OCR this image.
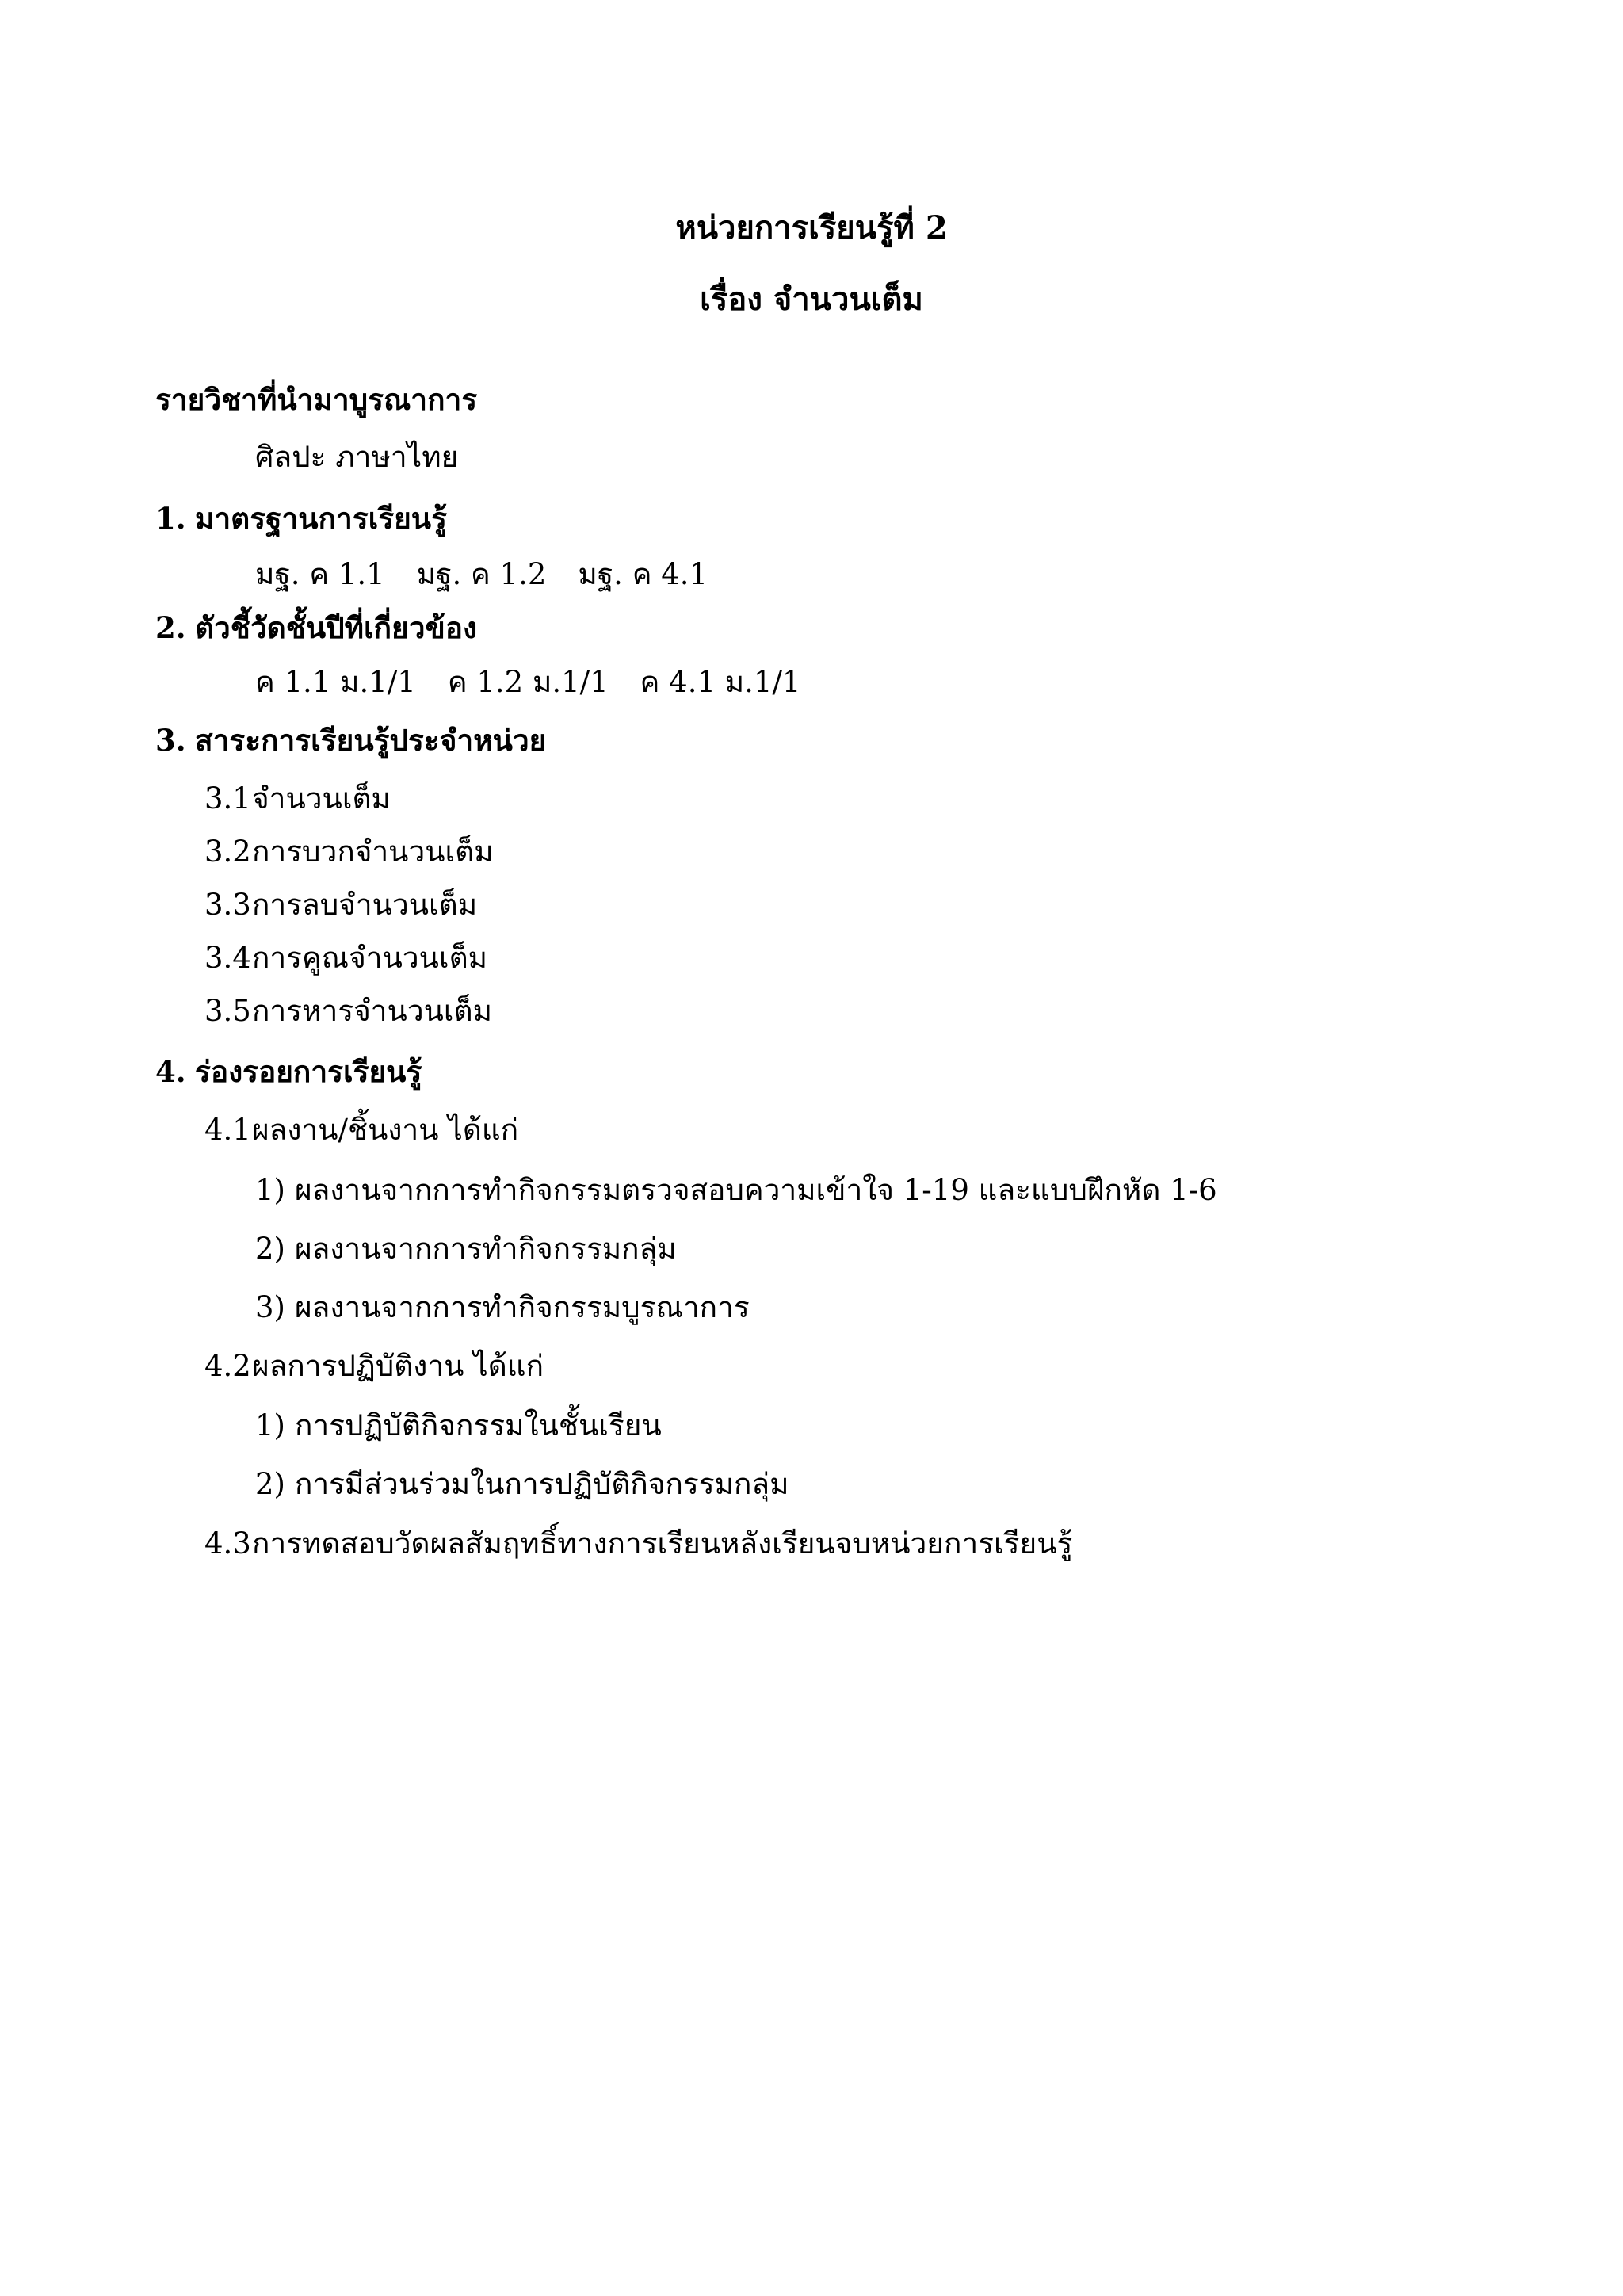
หน่วยการเรียนรู้ที่ 2
เรื่อง จำนวนเต็ม

รายวิชาที่นำมาบูรณาการ

ศิลปะ ภาษาไทย

1. มาตรฐานการเรียนรู้

มฐ. ค 1.1 มฐ. ค 1.2 มฐ. ค 4.1

2. ตัวชี้วัดชั้นปีที่เกี่ยวข้อง

ค 1.1 ม.1/1 ค 1.2 ม.1/1 ค 4.1 ม.1/1

3. สาระการเรียนรู้ประจำหน่วย

3.1จำนวนเต็ม

3.2การบวกจำนวนเต็ม

3.3การลบจำนวนเต็ม

3.4การคูณจำนวนเต็ม

3.5การหารจำนวนเต็ม

4. ร่องรอยการเรียนรู้

4.1ผลงาน/ชิ้นงาน ได้แก่

1) ผลงานจากการทำกิจกรรมตรวจสอบความเข้าใจ 1-19 และแบบฝึกหัด 1-6

2) ผลงานจากการทำกิจกรรมกลุ่ม

3) ผลงานจากการทำกิจกรรมบูรณาการ

4.2ผลการปฏิบัติงาน ได้แก่

1) การปฏิบัติกิจกรรมในชั้นเรียน

2) การมีส่วนร่วมในการปฏิบัติกิจกรรมกลุ่ม

4.3การทดสอบวัดผลสัมฤทธิ์ทางการเรียนหลังเรียนจบหน่วยการเรียนรู้
